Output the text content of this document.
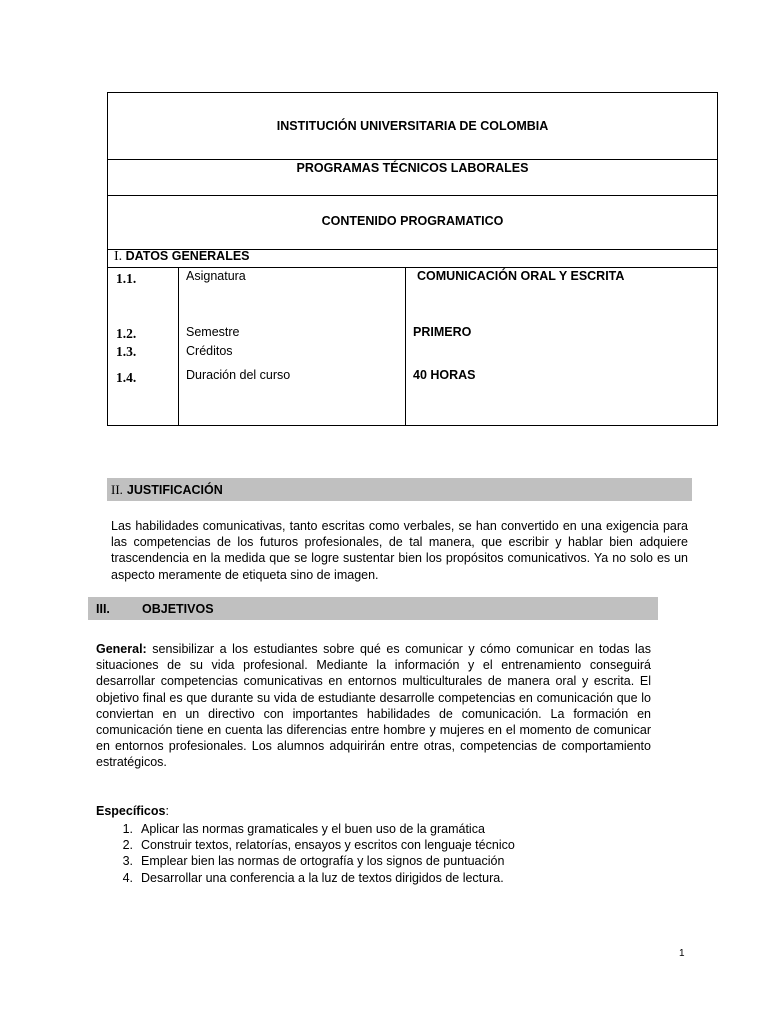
INSTITUCIÓN UNIVERSITARIA DE COLOMBIA
PROGRAMAS TÉCNICOS LABORALES
CONTENIDO PROGRAMATICO
I. DATOS GENERALES
1.1.	Asignatura	COMUNICACIÓN ORAL Y ESCRITA
1.2.	Semestre	PRIMERO
1.3.	Créditos
1.4.	Duración del curso	40 HORAS
II. JUSTIFICACIÓN
Las habilidades comunicativas, tanto escritas como verbales, se han convertido en una exigencia para las competencias de los futuros profesionales, de tal manera, que escribir y hablar bien adquiere trascendencia en la medida que se logre sustentar bien los propósitos comunicativos. Ya no solo es un aspecto meramente de etiqueta sino de imagen.
III.	OBJETIVOS
General: sensibilizar a los estudiantes sobre qué es comunicar y cómo comunicar en todas las situaciones de su vida profesional. Mediante la información y el entrenamiento conseguirá desarrollar competencias comunicativas en entornos multiculturales de manera oral y escrita. El objetivo final es que durante su vida de estudiante desarrolle competencias en comunicación que lo conviertan en un directivo con importantes habilidades de comunicación. La formación en comunicación tiene en cuenta las diferencias entre hombre y mujeres en el momento de comunicar en entornos profesionales. Los alumnos adquirirán entre otras, competencias de comportamiento estratégicos.
Específicos:
1. Aplicar las normas gramaticales y el buen uso de la gramática
2. Construir textos, relatorías, ensayos y escritos con lenguaje técnico
3. Emplear bien las normas de ortografía y los signos de puntuación
4. Desarrollar una conferencia a la luz de textos dirigidos de lectura.
1
